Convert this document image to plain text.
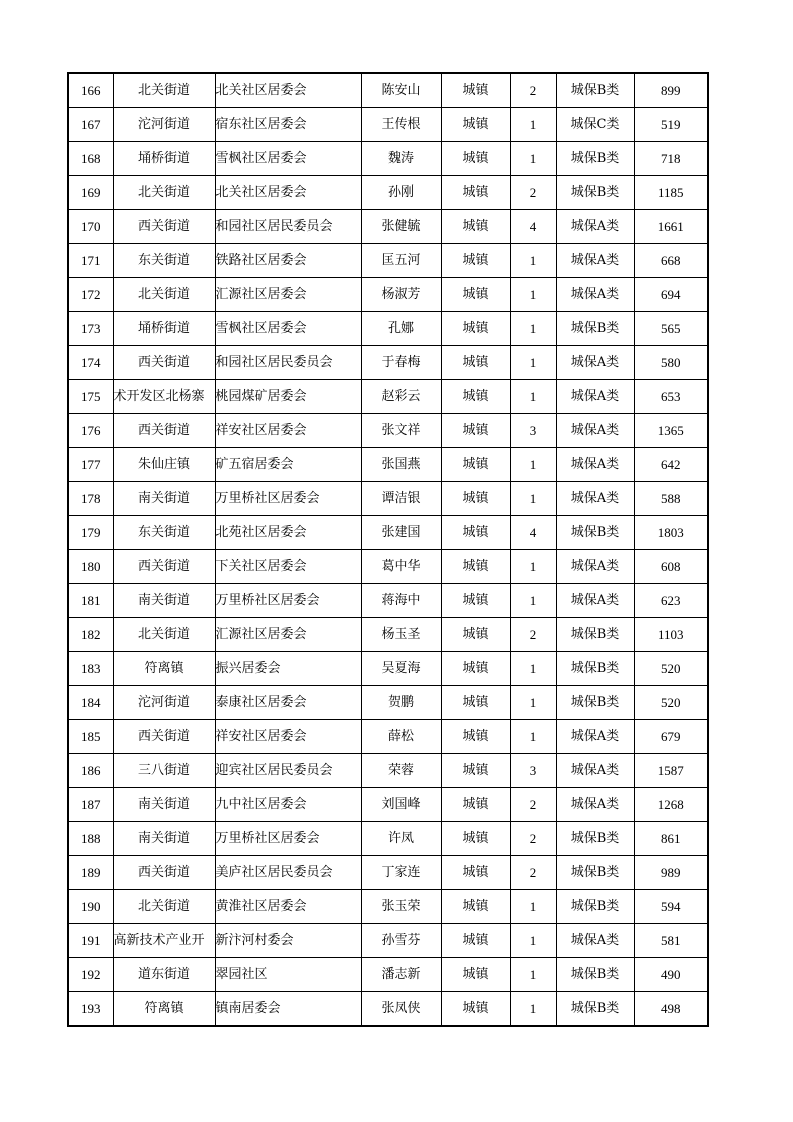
166	北关街道	北关社区居委会	陈安山	城镇	2	城保B类	899
167	沱河街道	宿东社区居委会	王传根	城镇	1	城保C类	519
168	埇桥街道	雪枫社区居委会	魏涛	城镇	1	城保B类	718
169	北关街道	北关社区居委会	孙刚	城镇	2	城保B类	1185
170	西关街道	和园社区居民委员会	张健毓	城镇	4	城保A类	1661
171	东关街道	铁路社区居委会	匡五河	城镇	1	城保A类	668
172	北关街道	汇源社区居委会	杨淑芳	城镇	1	城保A类	694
173	埇桥街道	雪枫社区居委会	孔娜	城镇	1	城保B类	565
174	西关街道	和园社区居民委员会	于春梅	城镇	1	城保A类	580
175	术开发区北杨寨	桃园煤矿居委会	赵彩云	城镇	1	城保A类	653
176	西关街道	祥安社区居委会	张文祥	城镇	3	城保A类	1365
177	朱仙庄镇	矿五宿居委会	张国燕	城镇	1	城保A类	642
178	南关街道	万里桥社区居委会	谭洁银	城镇	1	城保A类	588
179	东关街道	北苑社区居委会	张建国	城镇	4	城保B类	1803
180	西关街道	下关社区居委会	葛中华	城镇	1	城保A类	608
181	南关街道	万里桥社区居委会	蒋海中	城镇	1	城保A类	623
182	北关街道	汇源社区居委会	杨玉圣	城镇	2	城保B类	1103
183	符离镇	振兴居委会	吴夏海	城镇	1	城保B类	520
184	沱河街道	泰康社区居委会	贺鹏	城镇	1	城保B类	520
185	西关街道	祥安社区居委会	薛松	城镇	1	城保A类	679
186	三八街道	迎宾社区居民委员会	荣蓉	城镇	3	城保A类	1587
187	南关街道	九中社区居委会	刘国峰	城镇	2	城保A类	1268
188	南关街道	万里桥社区居委会	许凤	城镇	2	城保B类	861
189	西关街道	美庐社区居民委员会	丁家连	城镇	2	城保B类	989
190	北关街道	黄淮社区居委会	张玉荣	城镇	1	城保B类	594
191	高新技术产业开	新汴河村委会	孙雪芬	城镇	1	城保A类	581
192	道东街道	翠园社区	潘志新	城镇	1	城保B类	490
193	符离镇	镇南居委会	张凤侠	城镇	1	城保B类	498
